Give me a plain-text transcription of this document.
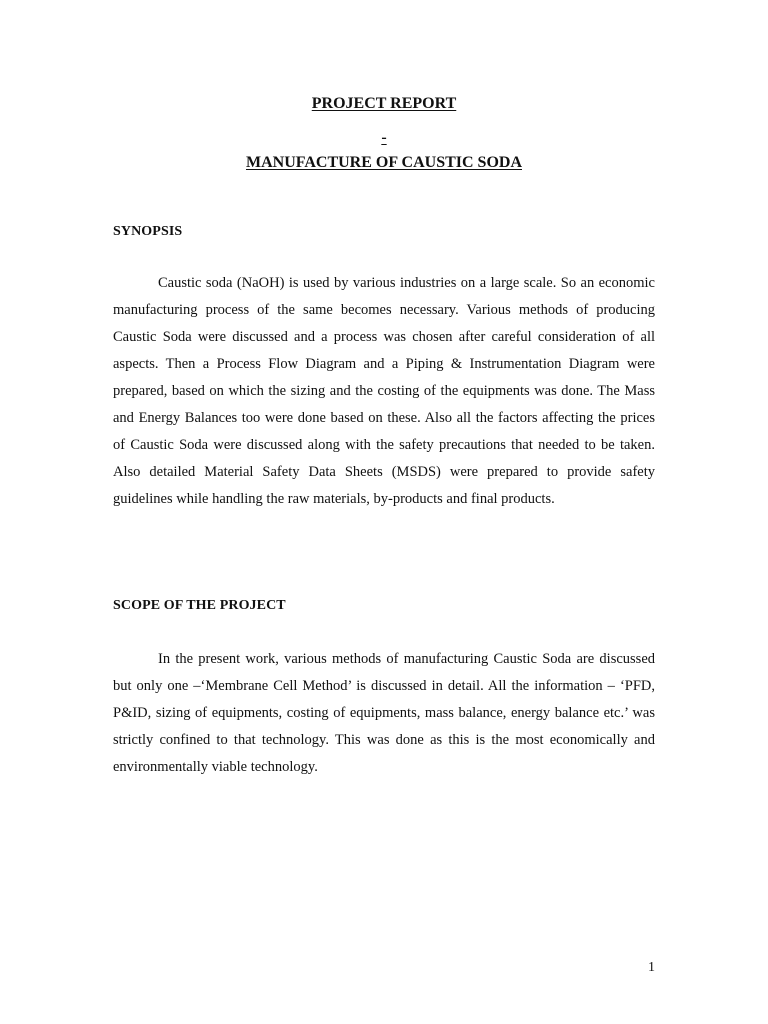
PROJECT REPORT
-
MANUFACTURE OF CAUSTIC SODA
SYNOPSIS

Caustic soda (NaOH) is used by various industries on a large scale. So an economic manufacturing process of the same becomes necessary. Various methods of producing Caustic Soda were discussed and a process was chosen after careful consideration of all aspects. Then a Process Flow Diagram and a Piping & Instrumentation Diagram were prepared, based on which the sizing and the costing of the equipments was done. The Mass and Energy Balances too were done based on these. Also all the factors affecting the prices of Caustic Soda were discussed along with the safety precautions that needed to be taken. Also detailed Material Safety Data Sheets (MSDS) were prepared to provide safety guidelines while handling the raw materials, by-products and final products.

SCOPE OF THE PROJECT

In the present work, various methods of manufacturing Caustic Soda are discussed but only one –‘Membrane Cell Method’ is discussed in detail. All the information – ‘PFD, P&ID, sizing of equipments, costing of equipments, mass balance, energy balance etc.’ was strictly confined to that technology. This was done as this is the most economically and environmentally viable technology.

1
